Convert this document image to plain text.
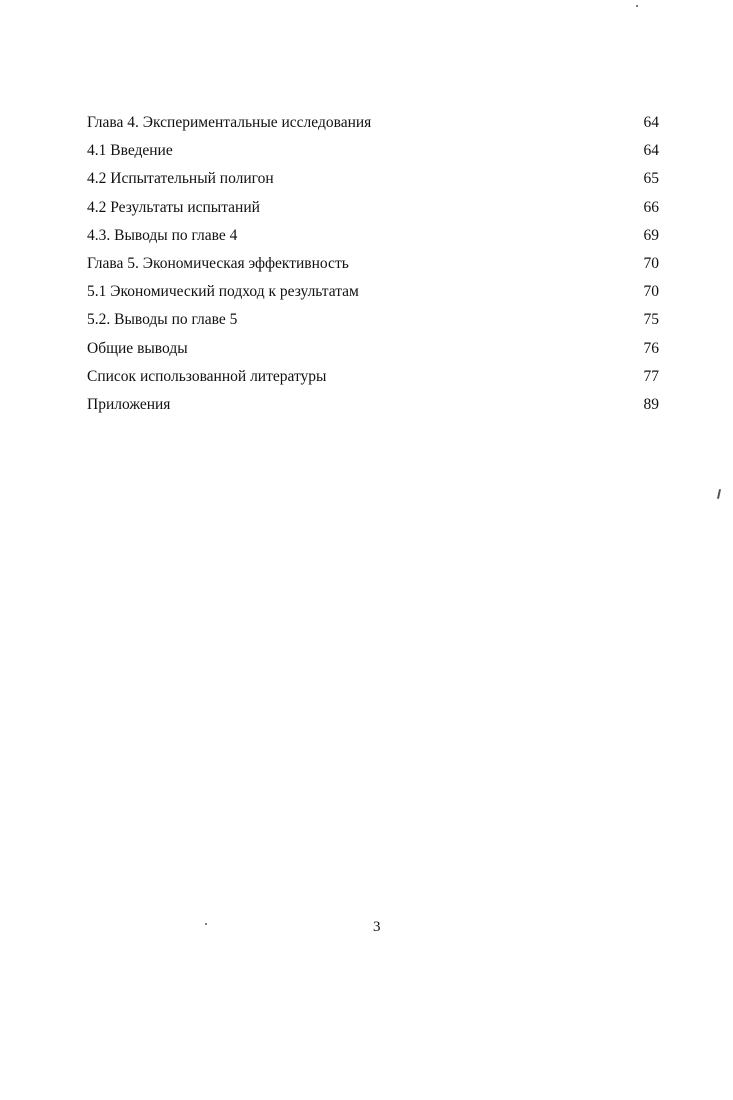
Глава 4. Экспериментальные исследования	64
4.1 Введение	64
4.2 Испытательный полигон	65
4.2 Результаты испытаний	66
4.3. Выводы по главе 4	69
Глава 5. Экономическая эффективность	70
5.1 Экономический подход к результатам	70
5.2. Выводы по главе 5	75
Общие выводы	76
Список использованной литературы	77
Приложения	89
3
